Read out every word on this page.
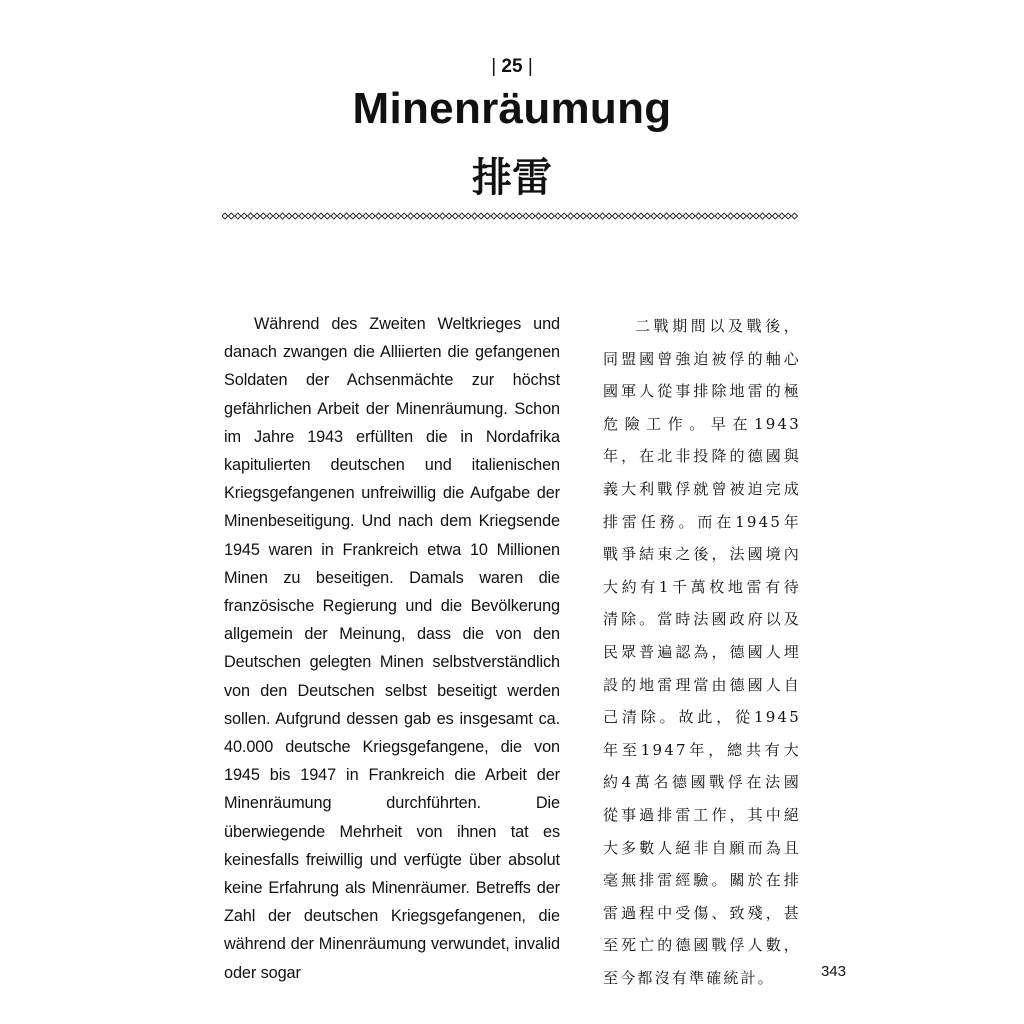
| 25 |
Minenräumung
排雷

Während des Zweiten Weltkrieges und danach zwangen die Alliierten die gefangenen Soldaten der Achsenmächte zur höchst gefährlichen Arbeit der Minenräumung. Schon im Jahre 1943 erfüllten die in Nordafrika kapitulierten deutschen und italienischen Kriegsgefangenen unfreiwillig die Aufgabe der Minenbeseitigung. Und nach dem Kriegsende 1945 waren in Frankreich etwa 10 Millionen Minen zu beseitigen. Damals waren die französische Regierung und die Bevölkerung allgemein der Meinung, dass die von den Deutschen gelegten Minen selbstverständlich von den Deutschen selbst beseitigt werden sollen. Aufgrund dessen gab es insgesamt ca. 40.000 deutsche Kriegsgefangene, die von 1945 bis 1947 in Frankreich die Arbeit der Minenräumung durchführten. Die überwiegende Mehrheit von ihnen tat es keinesfalls freiwillig und verfügte über absolut keine Erfahrung als Minenräumer. Betreffs der Zahl der deutschen Kriegsgefangenen, die während der Minenräumung verwundet, invalid oder sogar

二戰期間以及戰後，同盟國曾強迫被俘的軸心國軍人從事排除地雷的極危險工作。早在1943年，在北非投降的德國與義大利戰俘就曾被迫完成排雷任務。而在1945年戰爭結束之後，法國境內大約有1千萬枚地雷有待清除。當時法國政府以及民眾普遍認為，德國人埋設的地雷理當由德國人自己清除。故此，從1945年至1947年，總共有大約4萬名德國戰俘在法國從事過排雷工作，其中絕大多數人絕非自願而為且毫無排雷經驗。關於在排雷過程中受傷、致殘，甚至死亡的德國戰俘人數，至今都沒有準確統計。	343
